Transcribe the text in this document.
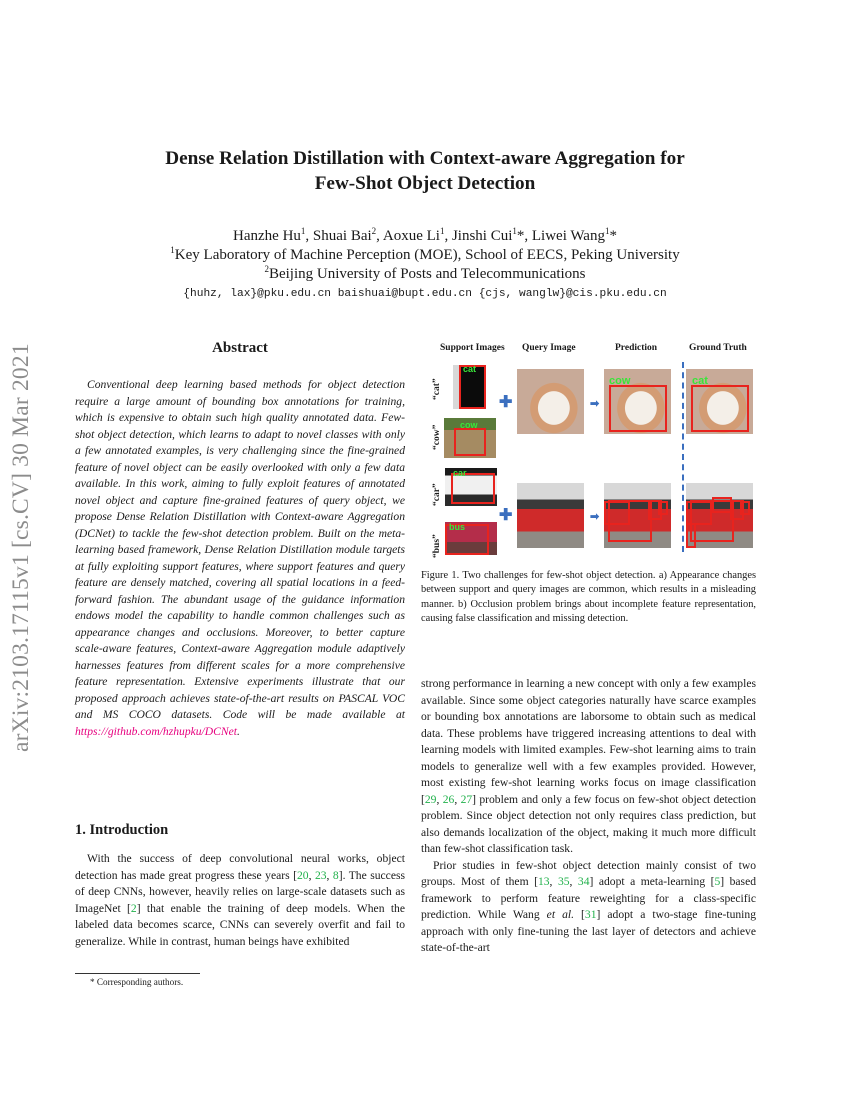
arXiv:2103.17115v1 [cs.CV] 30 Mar 2021
Dense Relation Distillation with Context-aware Aggregation for
Few-Shot Object Detection
Hanzhe Hu$^1$, Shuai Bai$^2$, Aoxue Li$^1$, Jinshi Cui$^1$*, Liwei Wang$^1$*
$^1$Key Laboratory of Machine Perception (MOE), School of EECS, Peking University
$^2$Beijing University of Posts and Telecommunications
{huhz, lax}@pku.edu.cn baishuai@bupt.edu.cn {cjs, wanglw}@cis.pku.edu.cn
Abstract

Conventional deep learning based methods for object detection require a large amount of bounding box annotations for training, which is expensive to obtain such high quality annotated data. Few-shot object detection, which learns to adapt to novel classes with only a few annotated examples, is very challenging since the fine-grained feature of novel object can be easily overlooked with only a few data available. In this work, aiming to fully exploit features of annotated novel object and capture fine-grained features of query object, we propose Dense Relation Distillation with Context-aware Aggregation (DCNet) to tackle the few-shot detection problem. Built on the meta-learning based framework, Dense Relation Distillation module targets at fully exploiting support features, where support features and query feature are densely matched, covering all spatial locations in a feed-forward fashion. The abundant usage of the guidance information endows model the capability to handle common challenges such as appearance changes and occlusions. Moreover, to better capture scale-aware features, Context-aware Aggregation module adaptively harnesses features from different scales for a more comprehensive feature representation. Extensive experiments illustrate that our proposed approach achieves state-of-the-art results on PASCAL VOC and MS COCO datasets. Code will be made available at https://github.com/hzhupku/DCNet.

1. Introduction

With the success of deep convolutional neural works, object detection has made great progress these years [20, 23, 8]. The success of deep CNNs, however, heavily relies on large-scale datasets such as ImageNet [2] that enable the training of deep models. When the labeled data becomes scarce, CNNs can severely overfit and fail to generalize. While in contrast, human beings have exhibited

* Corresponding authors.
Support Images Query Image	Prediction	Ground Truth
“cat”
“cow”
“car”
“bus”
cat
cow
car
bus
✚
✚
➡
➡
cow	cat
Figure 1. Two challenges for few-shot object detection. a) Appearance changes between support and query images are common, which results in a misleading manner. b) Occlusion problem brings about incomplete feature representation, causing false classification and missing detection.

strong performance in learning a new concept with only a few examples available. Since some object categories naturally have scarce examples or bounding box annotations are laborsome to obtain such as medical data. These problems have triggered increasing attentions to deal with learning models with limited examples. Few-shot learning aims to train models to generalize well with a few examples provided. However, most existing few-shot learning works focus on image classification [29, 26, 27] problem and only a few focus on few-shot object detection problem. Since object detection not only requires class prediction, but also demands localization of the object, making it much more difficult than few-shot classification task.

Prior studies in few-shot object detection mainly consist of two groups. Most of them [13, 35, 34] adopt a meta-learning [5] based framework to perform feature reweighting for a class-specific prediction. While Wang et al. [31] adopt a two-stage fine-tuning approach with only fine-tuning the last layer of detectors and achieve state-of-the-art
